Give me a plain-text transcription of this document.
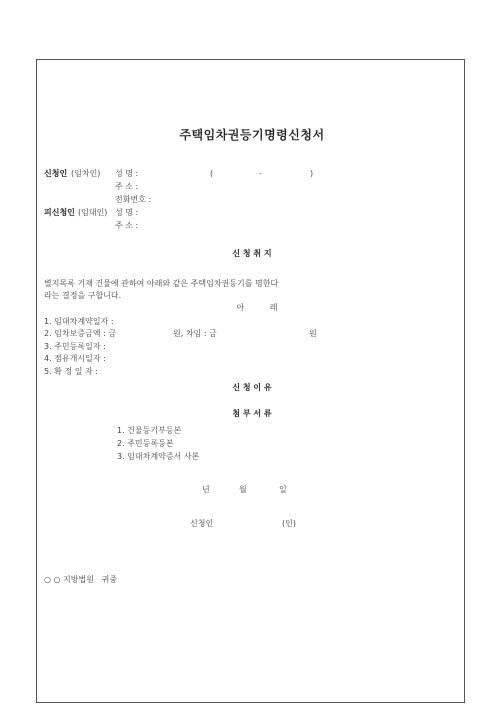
주택임차권등기명령신청서
신청인 (임차인) 성 명 :	(	-	)
주 소 :
전화번호 :
피신청인 (임대인) 성 명 :
주 소 :
신 청 취 지
별지목록 기재 건물에 관하여 아래와 같은 주택임차권등기를 명한다
라는 결정을 구합니다.
아          래
1. 임대차계약일자 :
2. 임차보증금액 : 금	원, 차임 : 금	원
3. 주민등록일자 :
4. 점유개시일자 :
5. 확 정 일 자 :
신 청 이 유
첨 부 서 류
1. 건물등기부등본
2. 주민등록등본
3. 임대차계약증서 사본
년	월	일
신청인	(인)
○ ○ 지방법원   귀중
